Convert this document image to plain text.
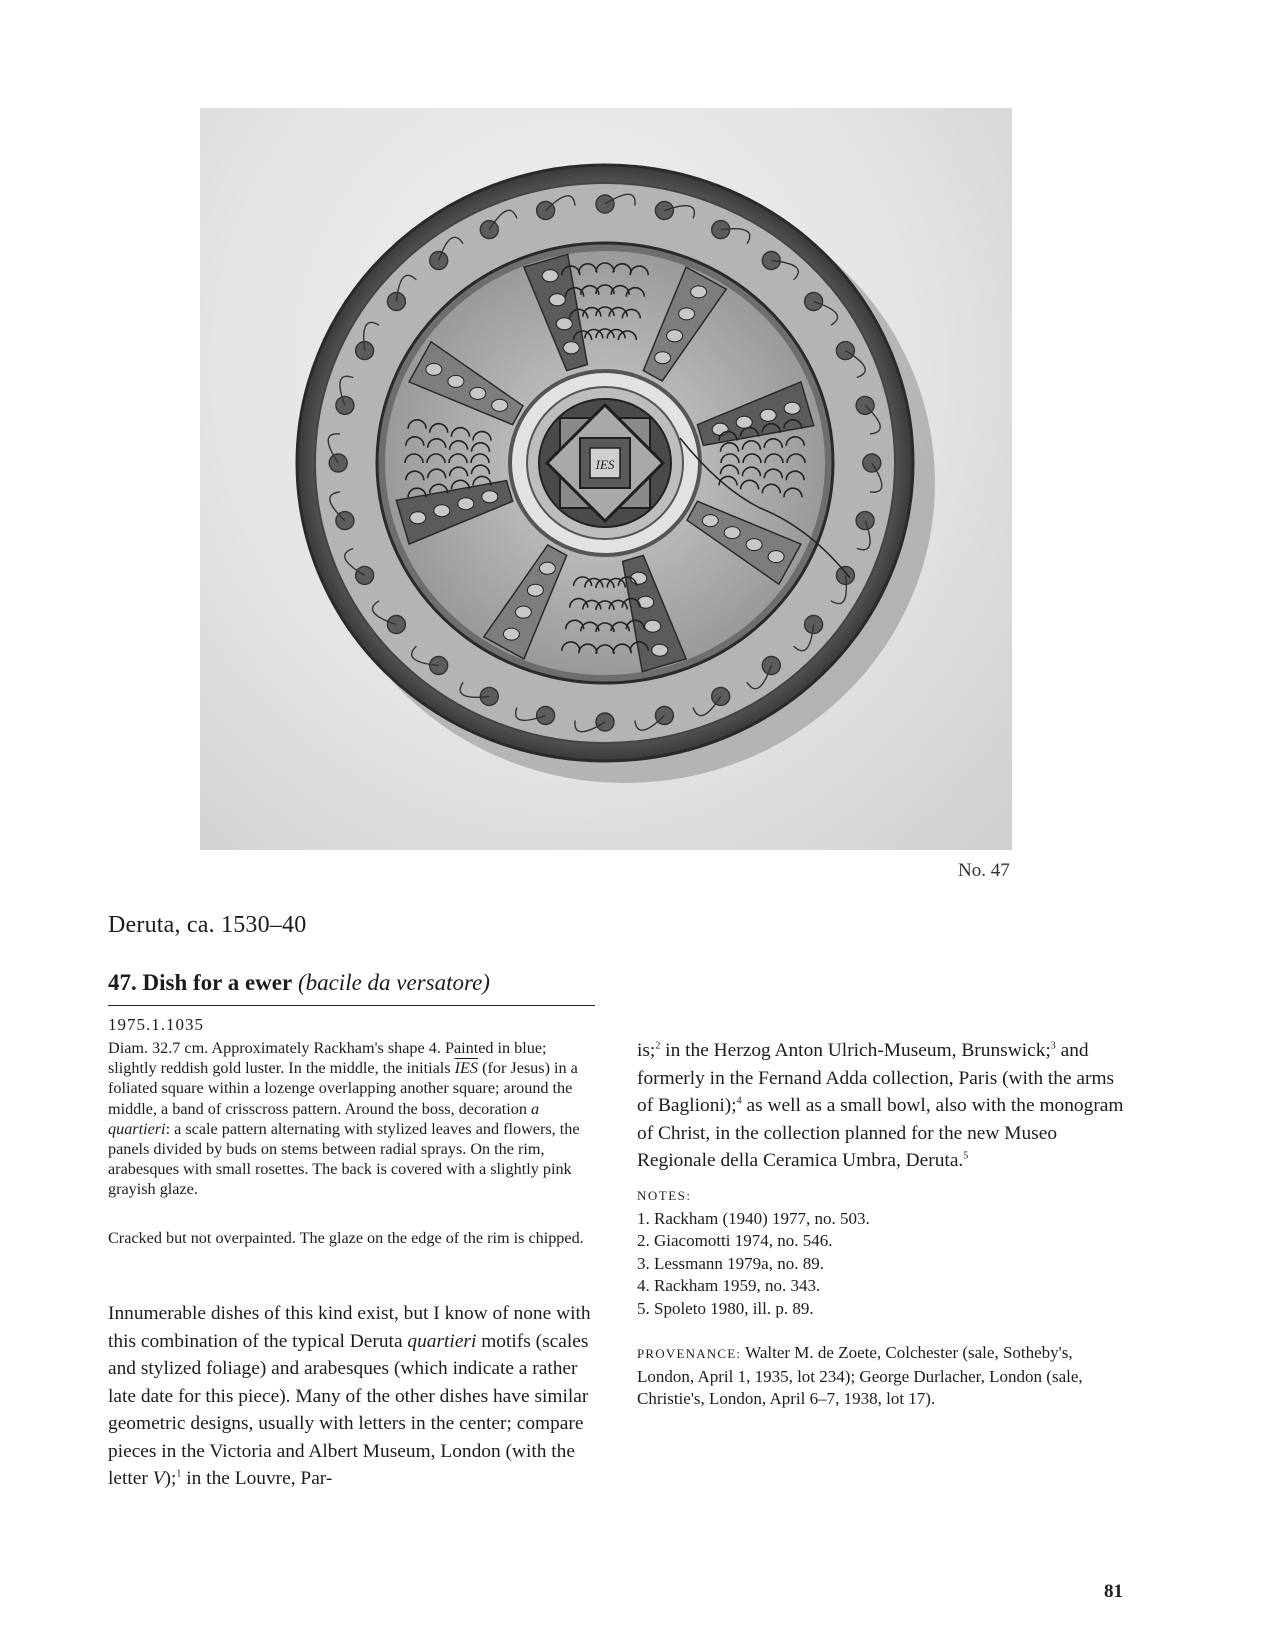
IES
No. 47
Deruta, ca. 1530–40
47. Dish for a ewer (bacile da versatore)
1975.1.1035

Diam. 32.7 cm. Approximately Rackham's shape 4. Painted in blue; slightly reddish gold luster. In the middle, the initials $\overline{IES}$ (for Jesus) in a foliated square within a lozenge overlapping another square; around the middle, a band of crisscross pattern. Around the boss, decoration a quartieri: a scale pattern alternating with stylized leaves and flowers, the panels divided by buds on stems between radial sprays. On the rim, arabesques with small rosettes. The back is covered with a slightly pink grayish glaze.

Cracked but not overpainted. The glaze on the edge of the rim is chipped.

Innumerable dishes of this kind exist, but I know of none with this combination of the typical Deruta quartieri motifs (scales and stylized foliage) and arabesques (which indicate a rather late date for this piece). Many of the other dishes have similar geometric designs, usually with letters in the center; compare pieces in the Victoria and Albert Museum, London (with the letter V);$^1$ in the Louvre, Par-

is;$^2$ in the Herzog Anton Ulrich-Museum, Brunswick;$^3$ and formerly in the Fernand Adda collection, Paris (with the arms of Baglioni);$^4$ as well as a small bowl, also with the monogram of Christ, in the collection planned for the new Museo Regionale della Ceramica Umbra, Deruta.$^5$

NOTES:
1. Rackham (1940) 1977, no. 503.
2. Giacomotti 1974, no. 546.
3. Lessmann 1979a, no. 89.
4. Rackham 1959, no. 343.
5. Spoleto 1980, ill. p. 89.

PROVENANCE: Walter M. de Zoete, Colchester (sale, Sotheby's, London, April 1, 1935, lot 234); George Durlacher, London (sale, Christie's, London, April 6–7, 1938, lot 17).

81
